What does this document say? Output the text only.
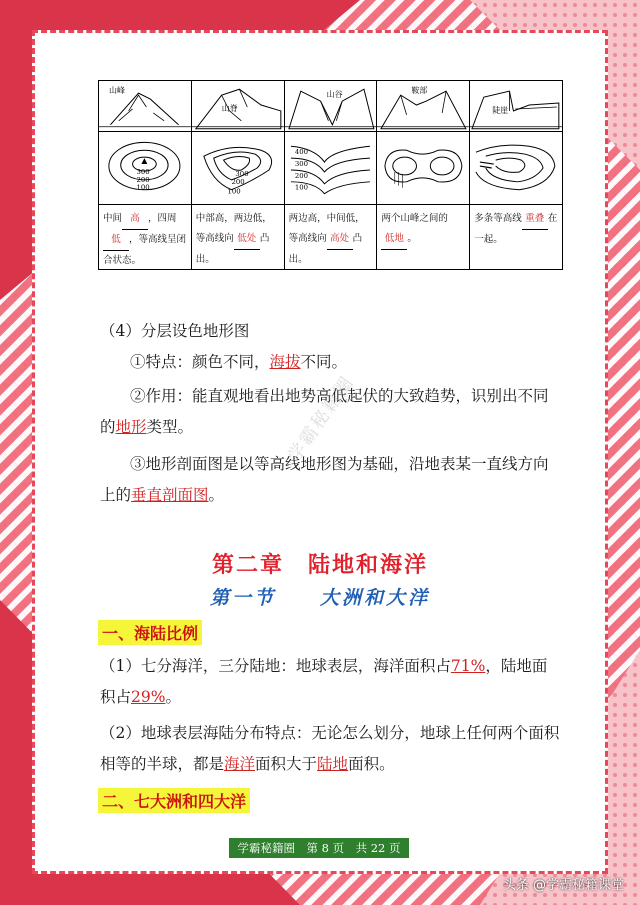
山峰
300
200
100
中间 高 ，四周低 ，等高线呈闭合状态。
山脊
300
200
100
中部高，两边低，等高线向 低处 凸出。
山谷
400
300
200
100
两边高，中间低，等高线向 高处 凸出。
鞍部
两个山峰之间的低地 。
陡崖
多条等高线 重叠 在一起。
（4）分层设色地形图
①特点：颜色不同，海拔不同。
②作用：能直观地看出地势高低起伏的大致趋势，识别出不同的地形类型。
③地形剖面图是以等高线地形图为基础，沿地表某一直线方向上的垂直剖面图。
学霸秘籍圈
第二章　陆地和海洋
第一节　　大洲和大洋
一、海陆比例
（1）七分海洋，三分陆地：地球表层，海洋面积占71%，陆地面积占29%。
（2）地球表层海陆分布特点：无论怎么划分，地球上任何两个面积相等的半球，都是海洋面积大于陆地面积。
二、七大洲和四大洋
学霸秘籍圈　第 8 页　共 22 页
头条 @学霸秘籍课堂
